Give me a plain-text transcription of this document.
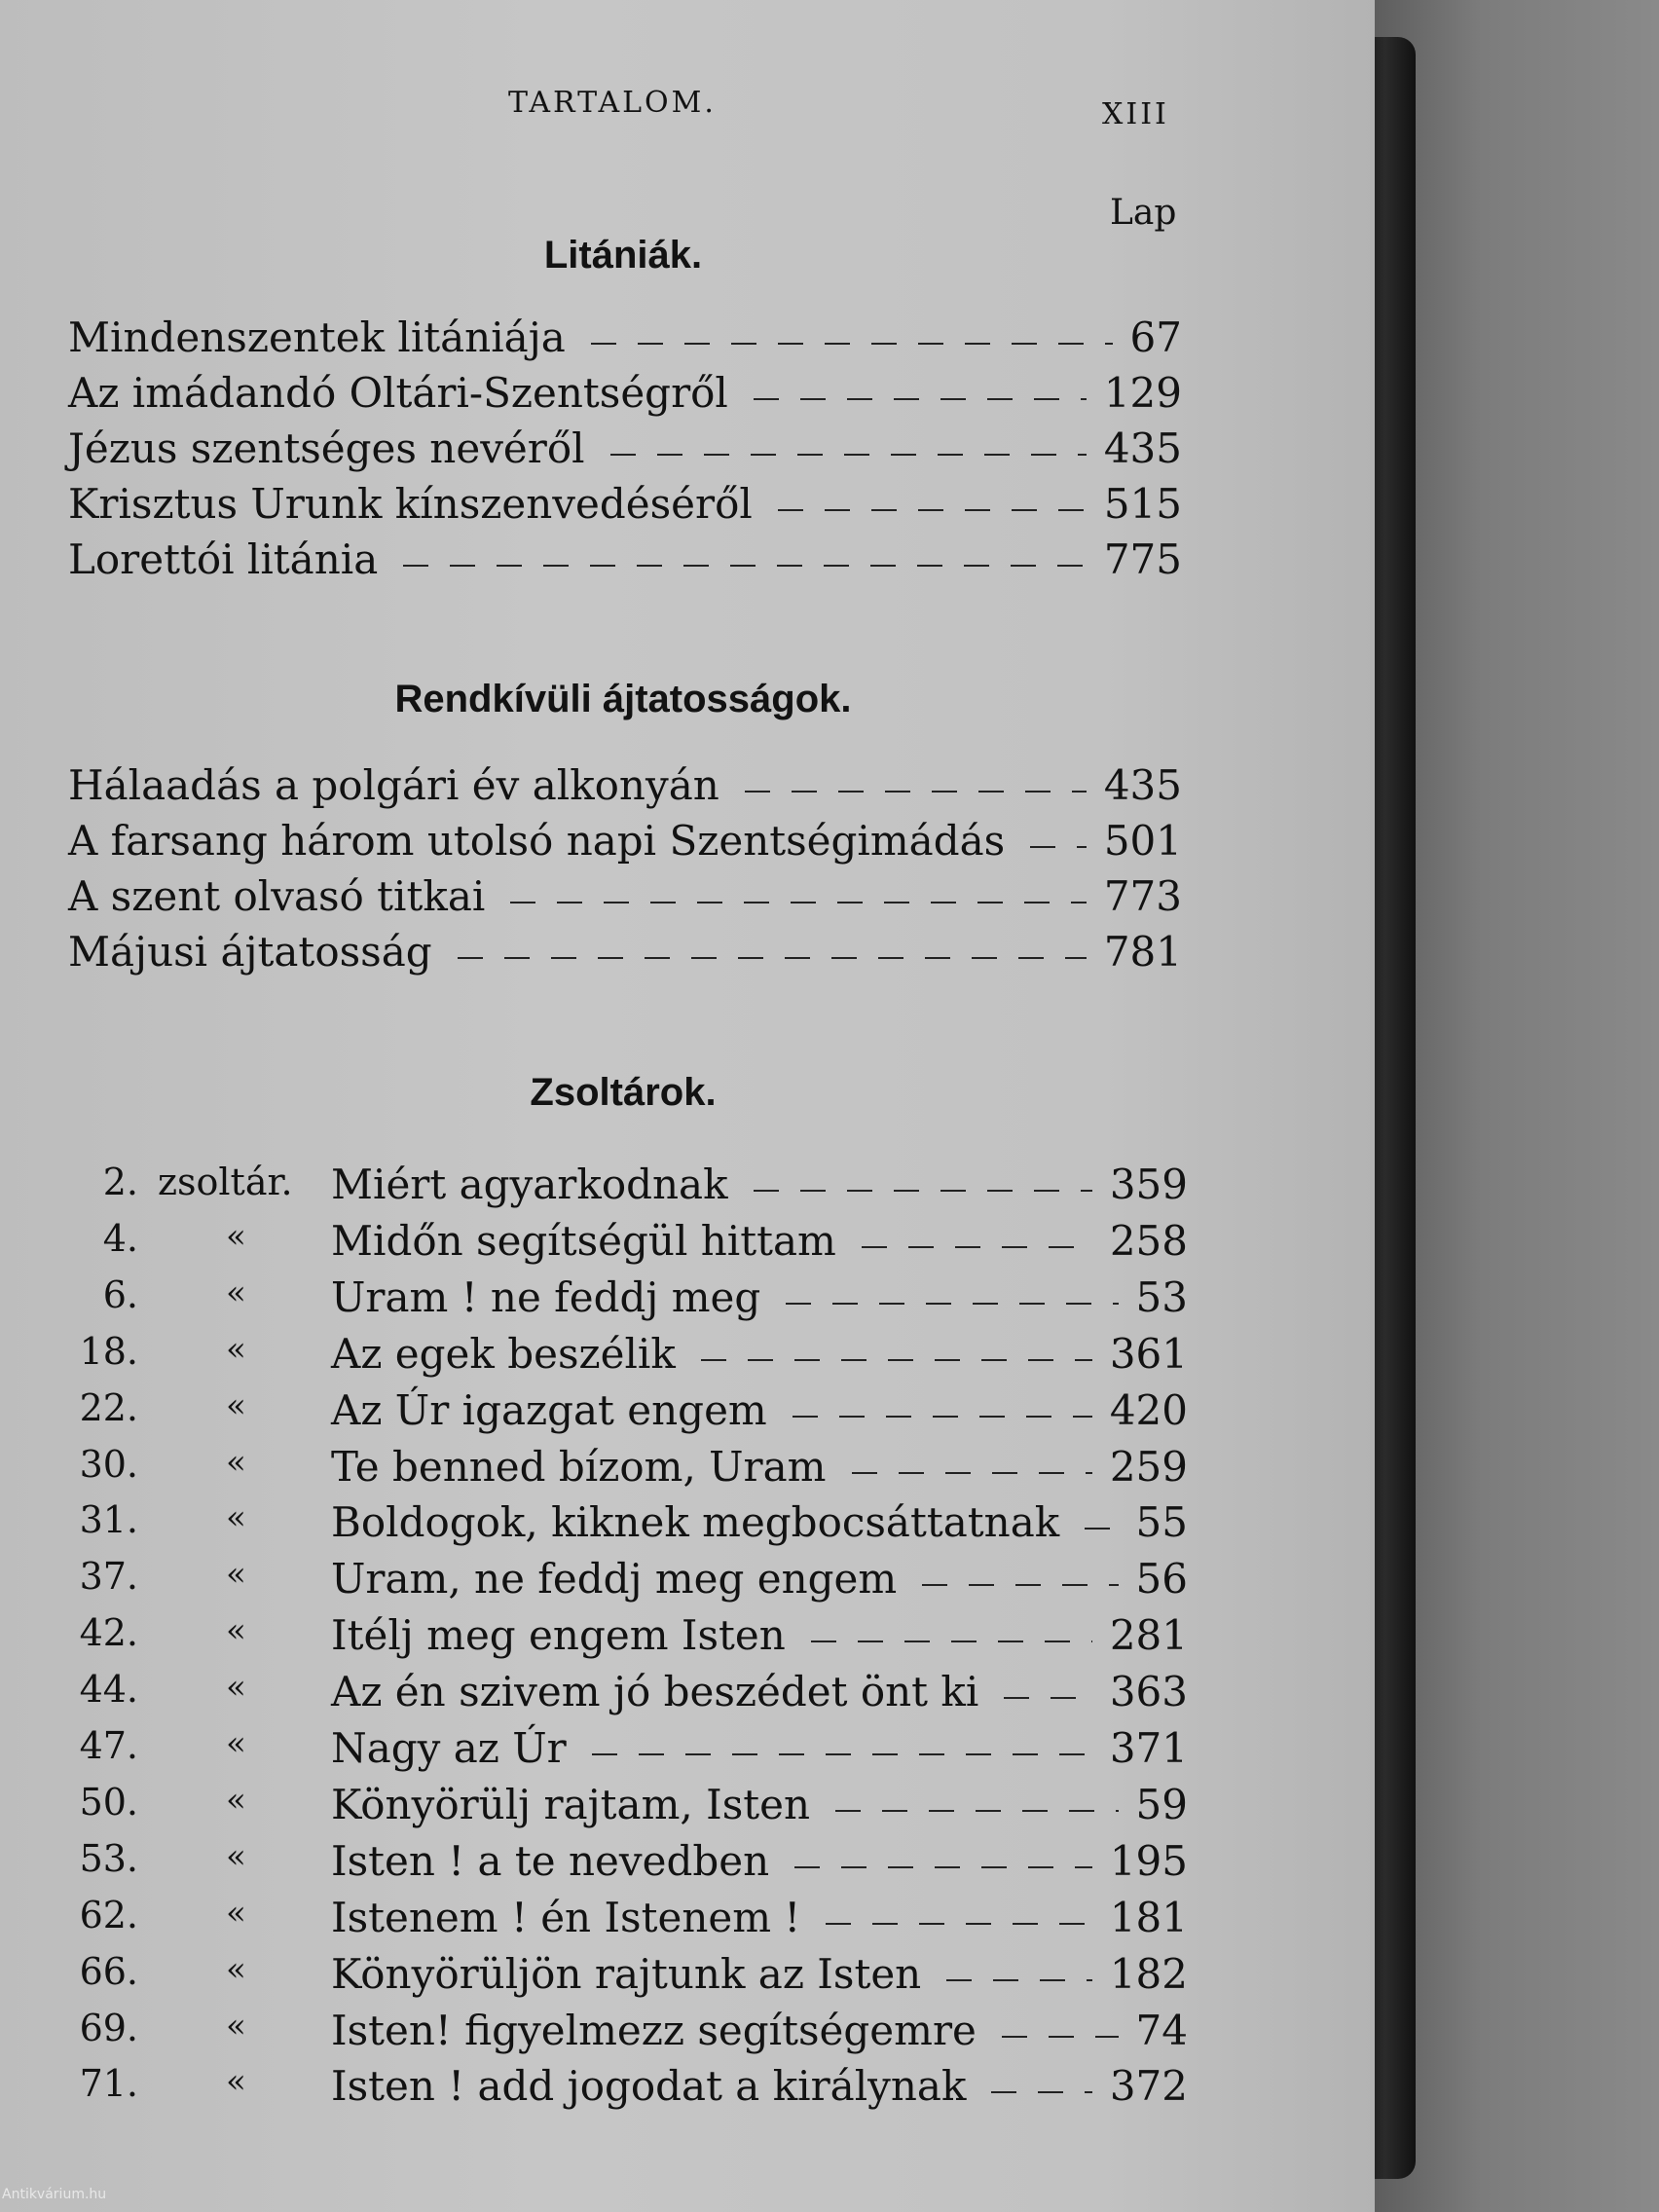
TARTALOM.	XIII
Lap
Litániák.
Mindenszentek litániája	67
Az imádandó Oltári-Szentségről	129
Jézus szentséges nevéről	435
Krisztus Urunk kínszenvedéséről	515
Lorettói litánia	775
Rendkívüli ájtatosságok.
Hálaadás a polgári év alkonyán	435
A farsang három utolsó napi Szentségimádás 501
A szent olvasó titkai	773
Májusi ájtatosság	781
Zsoltárok.
2. zsoltár. Miért agyarkodnak	359
4.	« Midőn segítségül hittam	258
6.	« Uram ! ne feddj meg	53
18.	« Az egek beszélik	361
22.	« Az Úr igazgat engem	420
30.	« Te benned bízom, Uram	259
31.	« Boldogok, kiknek megbocsáttatnak 55
37.	« Uram, ne feddj meg engem	56
42.	« Itélj meg engem Isten	281
44.	« Az én szivem jó beszédet önt ki	363
47.	« Nagy az Úr	371
50.	« Könyörülj rajtam, Isten	59
53.	« Isten ! a te nevedben	195
62.	« Istenem ! én Istenem !	181
66.	« Könyörüljön rajtunk az Isten	182
69.	« Isten! figyelmezz segítségemre	74
71.	« Isten ! add jogodat a királynak	372
Antikvárium.hu
